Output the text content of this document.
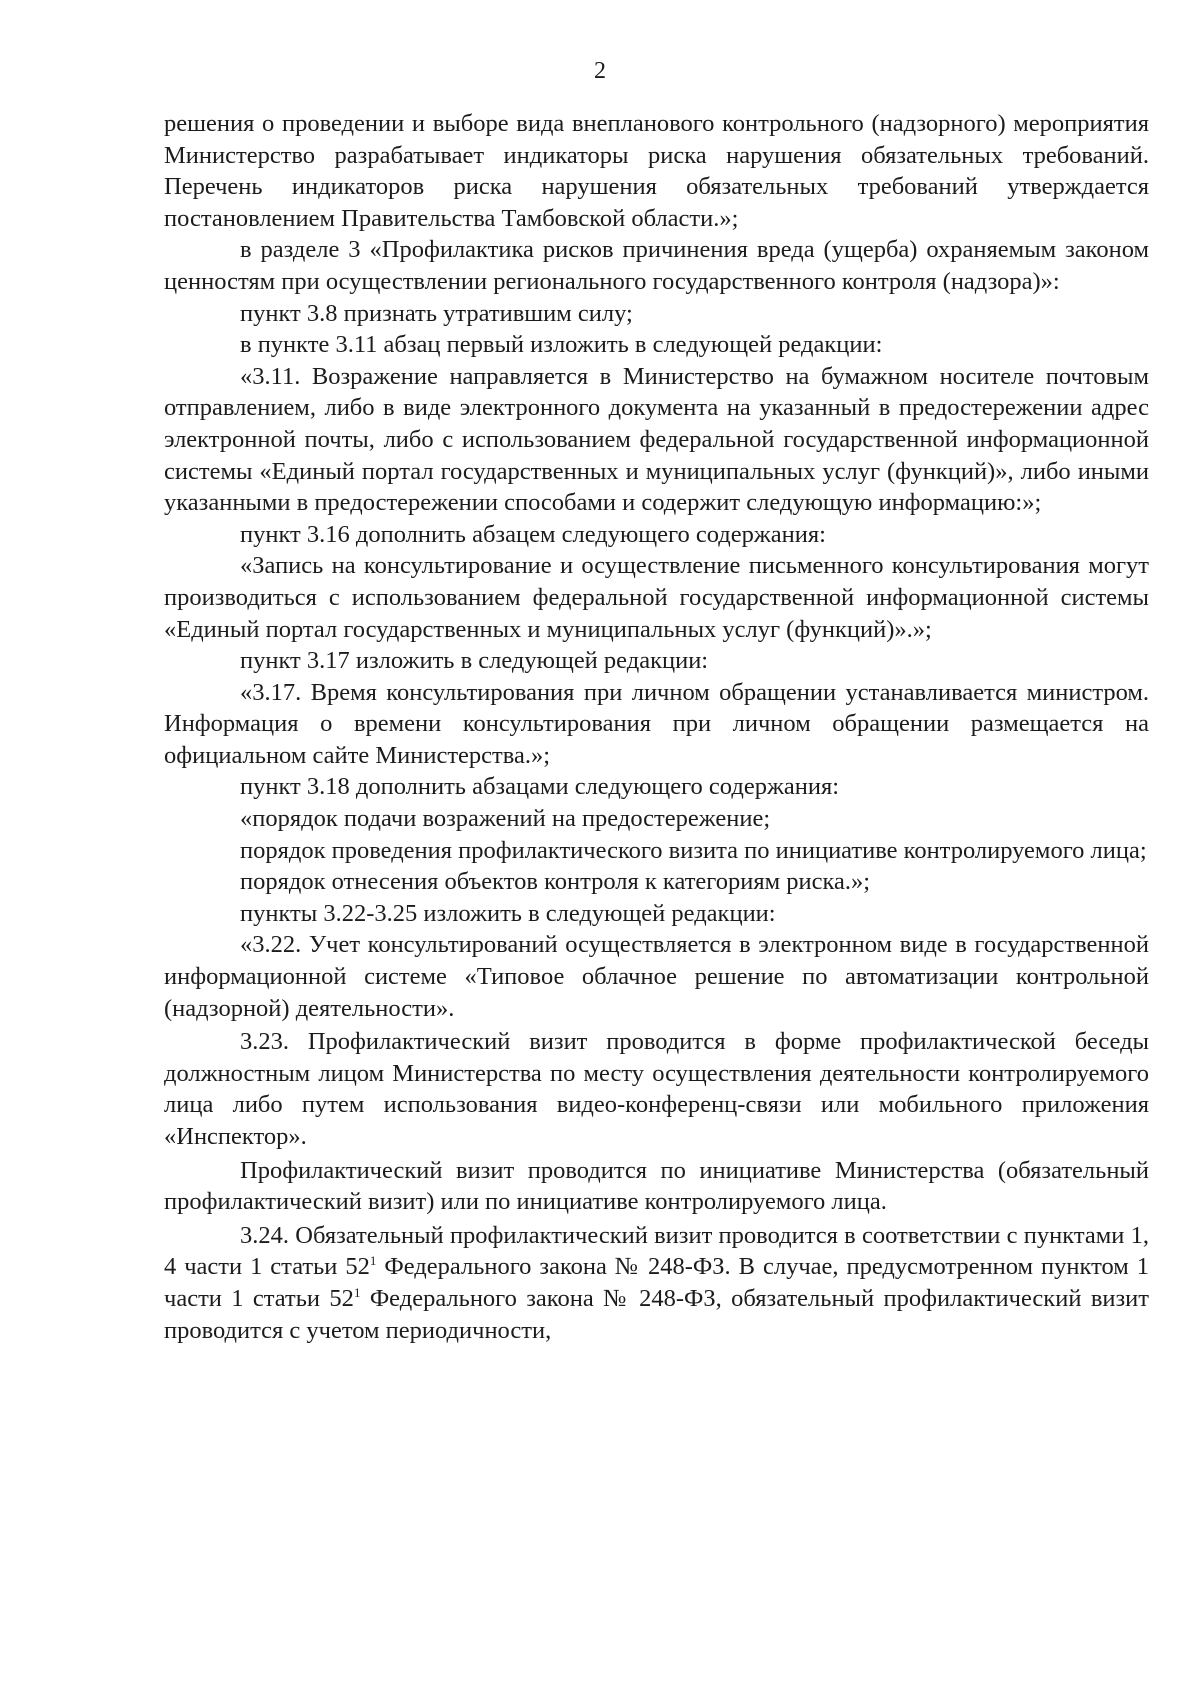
2

решения о проведении и выборе вида внепланового контрольного (надзорного) мероприятия Министерство разрабатывает индикаторы риска нарушения обязательных требований. Перечень индикаторов риска нарушения обязательных требований утверждается постановлением Правительства Тамбовской области.»;

в разделе 3 «Профилактика рисков причинения вреда (ущерба) охраняемым законом ценностям при осуществлении регионального государственного контроля (надзора)»:

пункт 3.8 признать утратившим силу;

в пункте 3.11 абзац первый изложить в следующей редакции:

«3.11. Возражение направляется в Министерство на бумажном носителе почтовым отправлением, либо в виде электронного документа на указанный в предостережении адрес электронной почты, либо с использованием федеральной государственной информационной системы «Единый портал государственных и муниципальных услуг (функций)», либо иными указанными в предостережении способами и содержит следующую информацию:»;

пункт 3.16 дополнить абзацем следующего содержания:

«Запись на консультирование и осуществление письменного консультирования могут производиться с использованием федеральной государственной информационной системы «Единый портал государственных и муниципальных услуг (функций)».»;

пункт 3.17 изложить в следующей редакции:

«3.17. Время консультирования при личном обращении устанавливается министром. Информация о времени консультирования при личном обращении размещается на официальном сайте Министерства.»;

пункт 3.18 дополнить абзацами следующего содержания:

«порядок подачи возражений на предостережение;

порядок проведения профилактического визита по инициативе контролируемого лица;

порядок отнесения объектов контроля к категориям риска.»;

пункты 3.22-3.25 изложить в следующей редакции:

«3.22. Учет консультирований осуществляется в электронном виде в государственной информационной системе «Типовое облачное решение по автоматизации контрольной (надзорной) деятельности».

3.23. Профилактический визит проводится в форме профилактической беседы должностным лицом Министерства по месту осуществления деятельности контролируемого лица либо путем использования видео-конференц-связи или мобильного приложения «Инспектор».

Профилактический визит проводится по инициативе Министерства (обязательный профилактический визит) или по инициативе контролируемого лица.

3.24. Обязательный профилактический визит проводится в соответствии с пунктами 1, 4 части 1 статьи $52^1$ Федерального закона № 248-ФЗ. В случае, предусмотренном пунктом 1 части 1 статьи $52^1$ Федерального закона № 248-ФЗ, обязательный профилактический визит проводится с учетом периодичности,
